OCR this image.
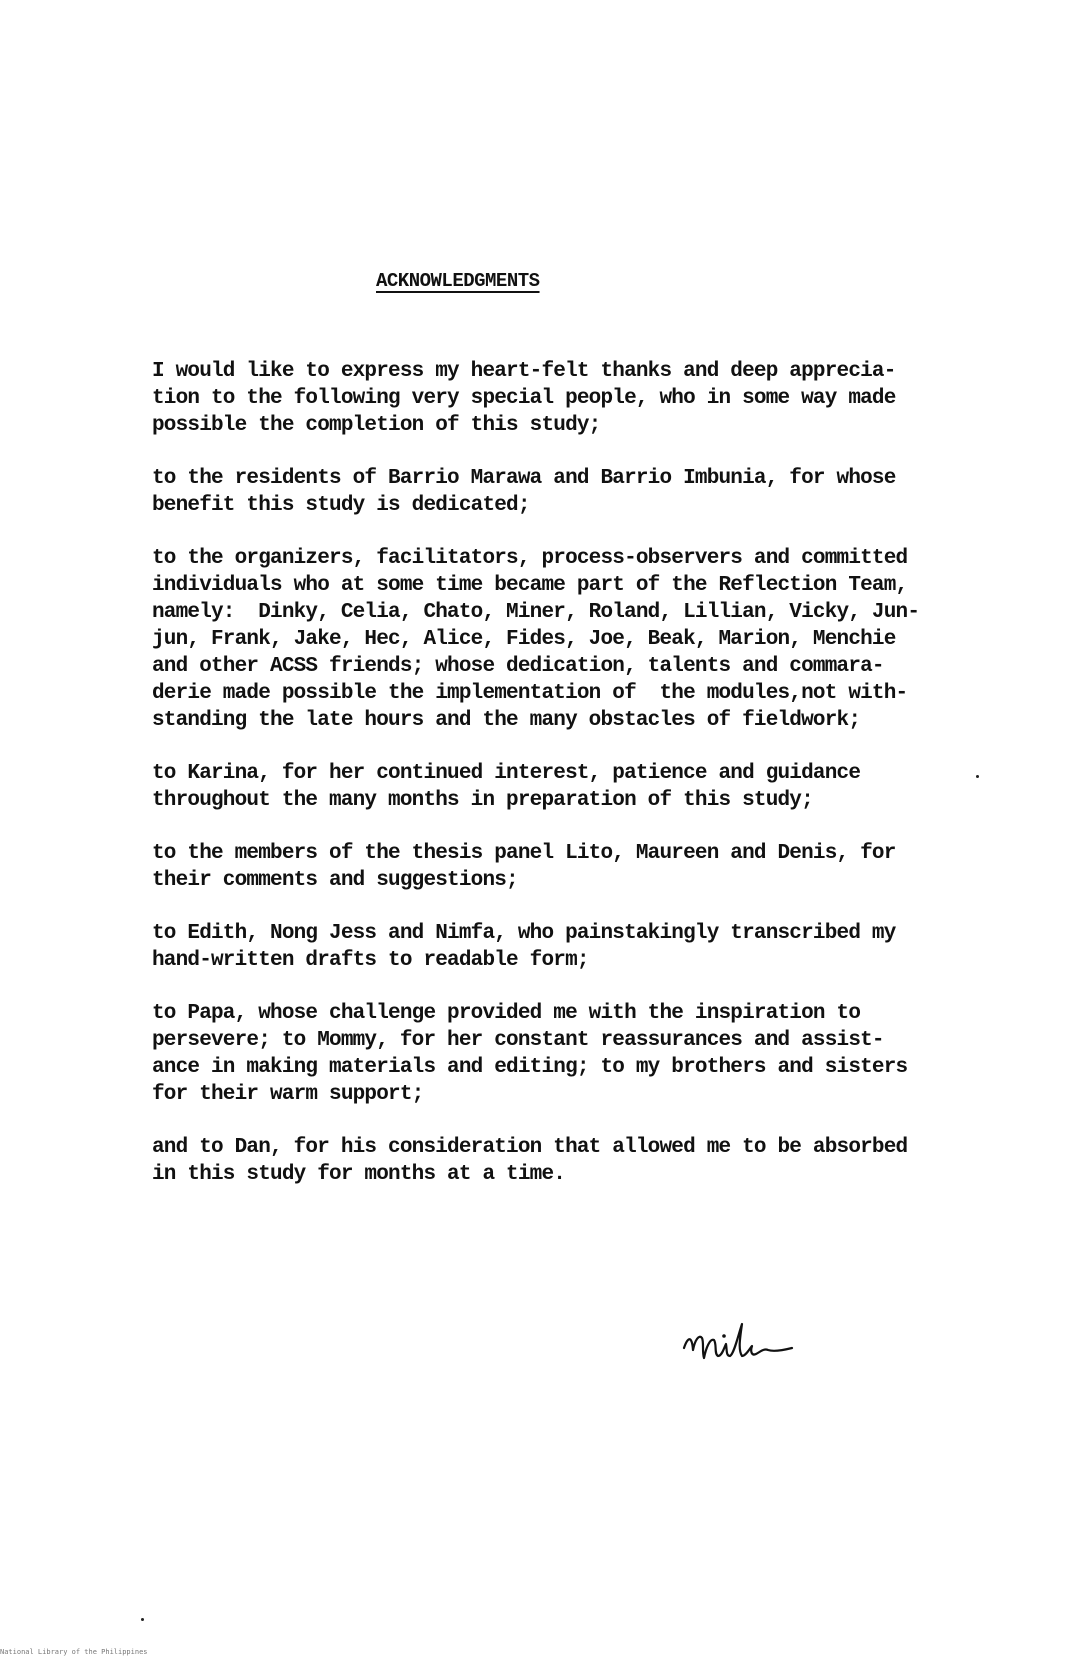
ACKNOWLEDGMENTS
I would like to express my heart-felt thanks and deep apprecia-
tion to the following very special people, who in some way made
possible the completion of this study;
to the residents of Barrio Marawa and Barrio Imbunia, for whose
benefit this study is dedicated;
to the organizers, facilitators, process-observers and committed
individuals who at some time became part of the Reflection Team,
namely:  Dinky, Celia, Chato, Miner, Roland, Lillian, Vicky, Jun-
jun, Frank, Jake, Hec, Alice, Fides, Joe, Beak, Marion, Menchie
and other ACSS friends; whose dedication, talents and commara-
derie made possible the implementation of  the modules,not with-
standing the late hours and the many obstacles of fieldwork;
to Karina, for her continued interest, patience and guidance
throughout the many months in preparation of this study;
to the members of the thesis panel Lito, Maureen and Denis, for
their comments and suggestions;
to Edith, Nong Jess and Nimfa, who painstakingly transcribed my
hand-written drafts to readable form;
to Papa, whose challenge provided me with the inspiration to
persevere; to Mommy, for her constant reassurances and assist-
ance in making materials and editing; to my brothers and sisters
for their warm support;
and to Dan, for his consideration that allowed me to be absorbed
in this study for months at a time.
National Library of the Philippines
